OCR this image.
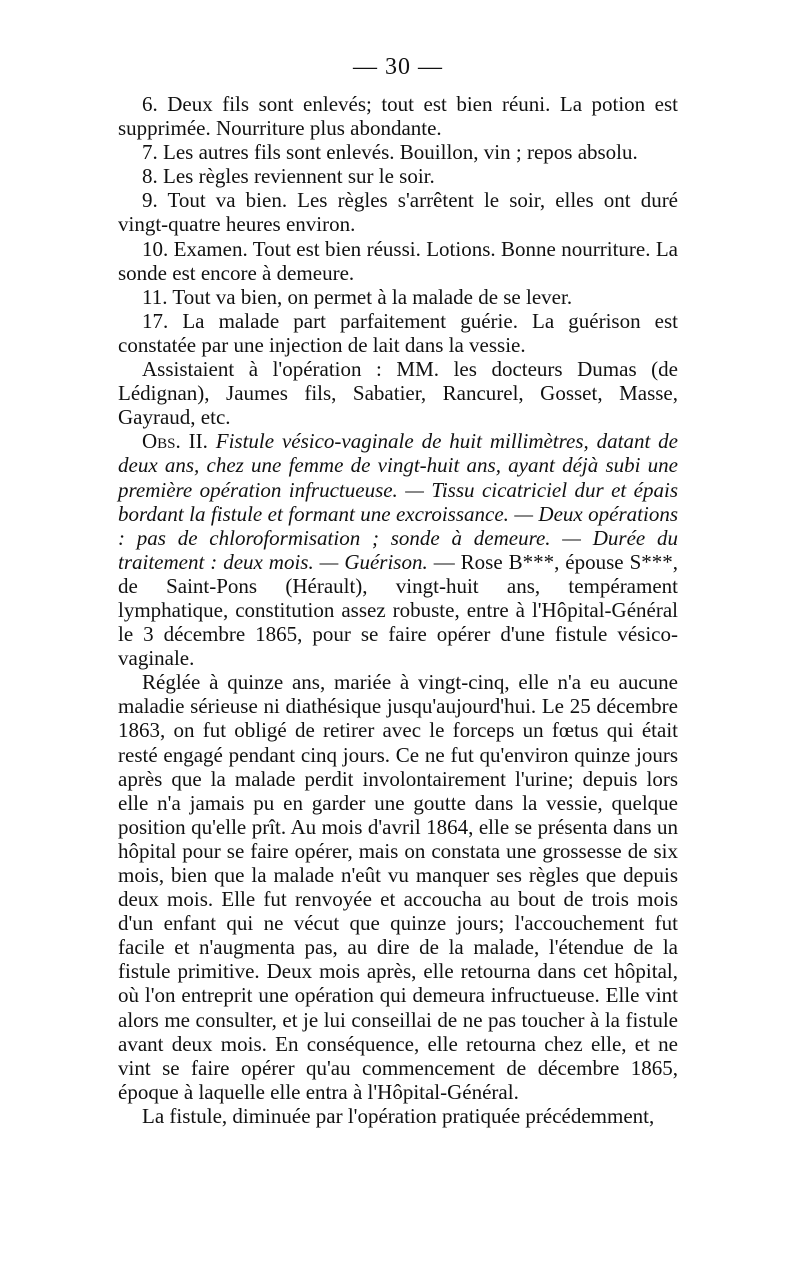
— 30 —

6. Deux fils sont enlevés; tout est bien réuni. La potion est supprimée. Nourriture plus abondante.

7. Les autres fils sont enlevés. Bouillon, vin ; repos absolu.

8. Les règles reviennent sur le soir.

9. Tout va bien. Les règles s'arrêtent le soir, elles ont duré vingt-quatre heures environ.

10. Examen. Tout est bien réussi. Lotions. Bonne nourriture. La sonde est encore à demeure.

11. Tout va bien, on permet à la malade de se lever.

17. La malade part parfaitement guérie. La guérison est constatée par une injection de lait dans la vessie.

Assistaient à l'opération : MM. les docteurs Dumas (de Lédignan), Jaumes fils, Sabatier, Rancurel, Gosset, Masse, Gayraud, etc.

Obs. II. Fistule vésico-vaginale de huit millimètres, datant de deux ans, chez une femme de vingt-huit ans, ayant déjà subi une première opération infructueuse. — Tissu cicatriciel dur et épais bordant la fistule et formant une excroissance. — Deux opérations : pas de chloroformisation ; sonde à demeure. — Durée du traitement : deux mois. — Guérison. — Rose B***, épouse S***, de Saint-Pons (Hérault), vingt-huit ans, tempérament lymphatique, constitution assez robuste, entre à l'Hôpital-Général le 3 décembre 1865, pour se faire opérer d'une fistule vésico-vaginale.

Réglée à quinze ans, mariée à vingt-cinq, elle n'a eu aucune maladie sérieuse ni diathésique jusqu'aujourd'hui. Le 25 décembre 1863, on fut obligé de retirer avec le forceps un fœtus qui était resté engagé pendant cinq jours. Ce ne fut qu'environ quinze jours après que la malade perdit involontairement l'urine; depuis lors elle n'a jamais pu en garder une goutte dans la vessie, quelque position qu'elle prît. Au mois d'avril 1864, elle se présenta dans un hôpital pour se faire opérer, mais on constata une grossesse de six mois, bien que la malade n'eût vu manquer ses règles que depuis deux mois. Elle fut renvoyée et accoucha au bout de trois mois d'un enfant qui ne vécut que quinze jours; l'accouchement fut facile et n'augmenta pas, au dire de la malade, l'étendue de la fistule primitive. Deux mois après, elle retourna dans cet hôpital, où l'on entreprit une opération qui demeura infructueuse. Elle vint alors me consulter, et je lui conseillai de ne pas toucher à la fistule avant deux mois. En conséquence, elle retourna chez elle, et ne vint se faire opérer qu'au commencement de décembre 1865, époque à laquelle elle entra à l'Hôpital-Général.

La fistule, diminuée par l'opération pratiquée précédemment,
